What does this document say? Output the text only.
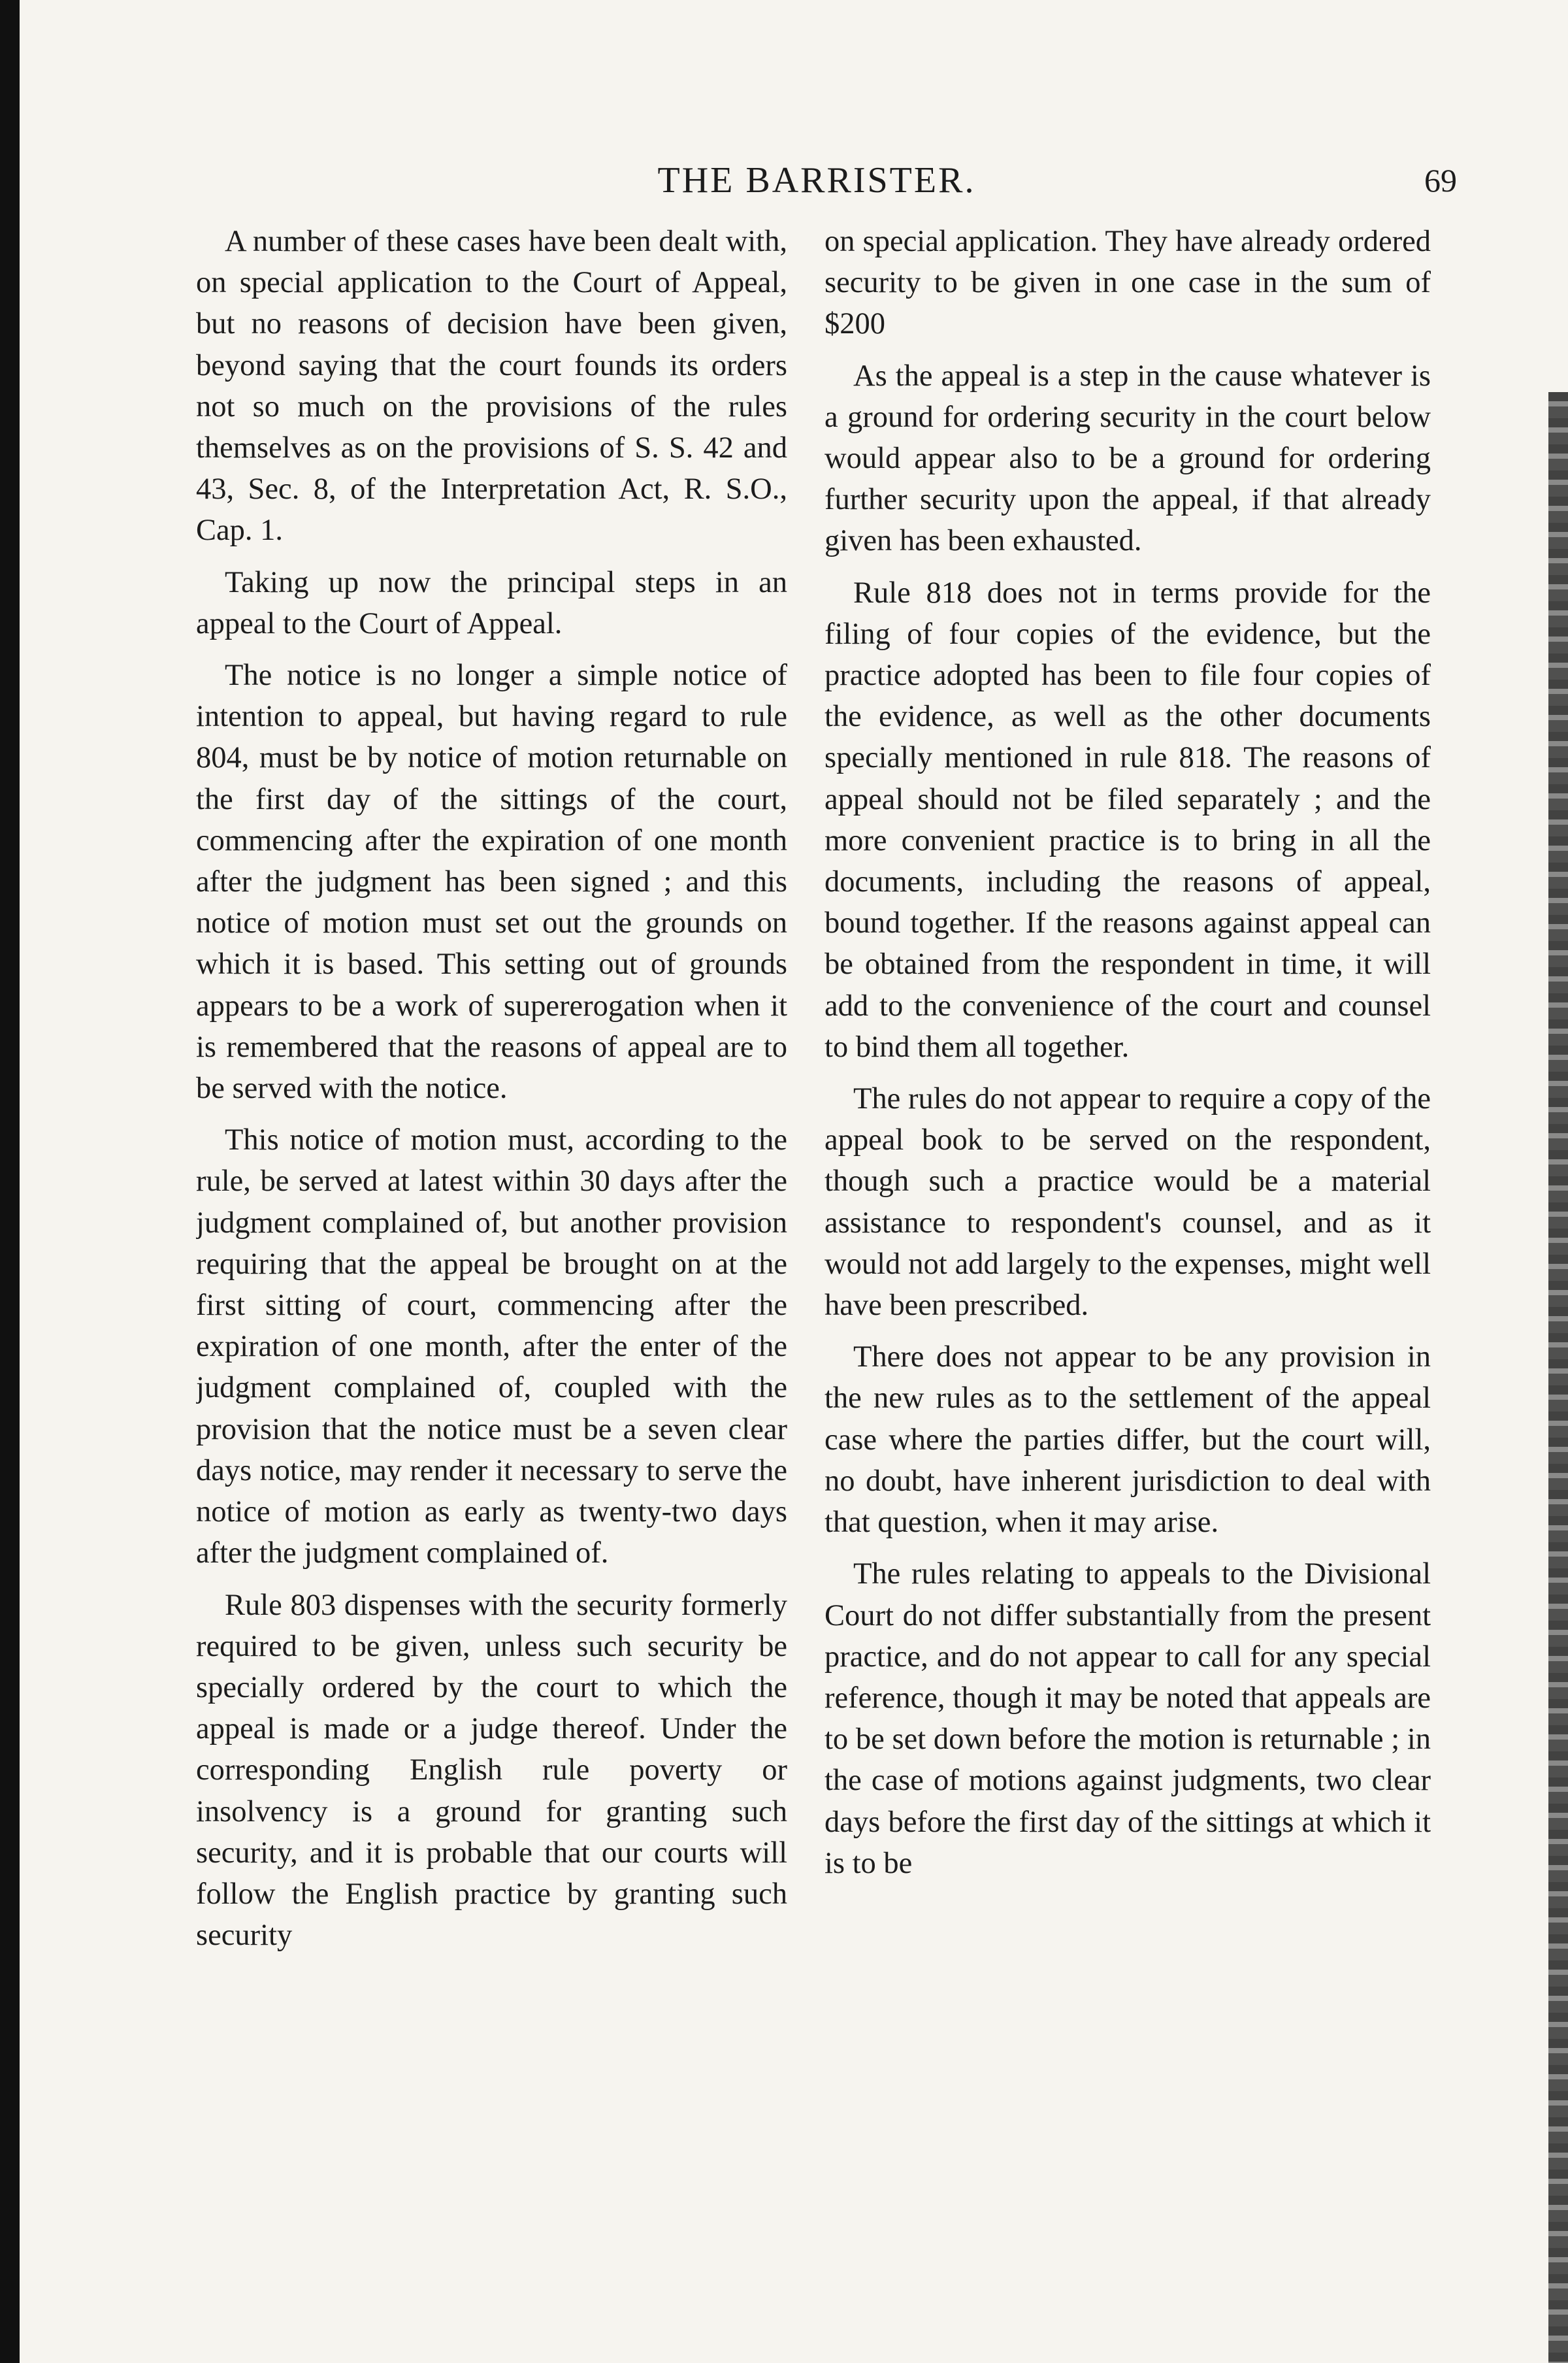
THE BARRISTER.	69

A number of these cases have been dealt with, on special application to the Court of Appeal, but no reasons of decision have been given, beyond saying that the court founds its orders not so much on the provisions of the rules themselves as on the provisions of S. S. 42 and 43, Sec. 8, of the Interpretation Act, R. S.O., Cap. 1.

Taking up now the principal steps in an appeal to the Court of Appeal.

The notice is no longer a simple notice of intention to appeal, but having regard to rule 804, must be by notice of motion returnable on the first day of the sittings of the court, commencing after the expiration of one month after the judgment has been signed ; and this notice of motion must set out the grounds on which it is based. This setting out of grounds appears to be a work of supererogation when it is remembered that the reasons of appeal are to be served with the notice.

This notice of motion must, according to the rule, be served at latest within 30 days after the judgment complained of, but another provision requiring that the appeal be brought on at the first sitting of court, commencing after the expiration of one month, after the enter of the judgment complained of, coupled with the provision that the notice must be a seven clear days notice, may render it necessary to serve the notice of motion as early as twenty-two days after the judgment complained of.

Rule 803 dispenses with the security formerly required to be given, unless such security be specially ordered by the court to which the appeal is made or a judge thereof. Under the corresponding English rule poverty or insolvency is a ground for granting such security, and it is probable that our courts will follow the English practice by granting such security

on special application. They have already ordered security to be given in one case in the sum of $200

As the appeal is a step in the cause whatever is a ground for ordering security in the court below would appear also to be a ground for ordering further security upon the appeal, if that already given has been exhausted.

Rule 818 does not in terms provide for the filing of four copies of the evidence, but the practice adopted has been to file four copies of the evidence, as well as the other documents specially mentioned in rule 818. The reasons of appeal should not be filed separately ; and the more convenient practice is to bring in all the documents, including the reasons of appeal, bound together. If the reasons against appeal can be obtained from the respondent in time, it will add to the convenience of the court and counsel to bind them all together.

The rules do not appear to require a copy of the appeal book to be served on the respondent, though such a practice would be a material assistance to respondent's counsel, and as it would not add largely to the expenses, might well have been prescribed.

There does not appear to be any provision in the new rules as to the settlement of the appeal case where the parties differ, but the court will, no doubt, have inherent jurisdiction to deal with that question, when it may arise.

The rules relating to appeals to the Divisional Court do not differ substantially from the present practice, and do not appear to call for any special reference, though it may be noted that appeals are to be set down before the motion is returnable ; in the case of motions against judgments, two clear days before the first day of the sittings at which it is to be
